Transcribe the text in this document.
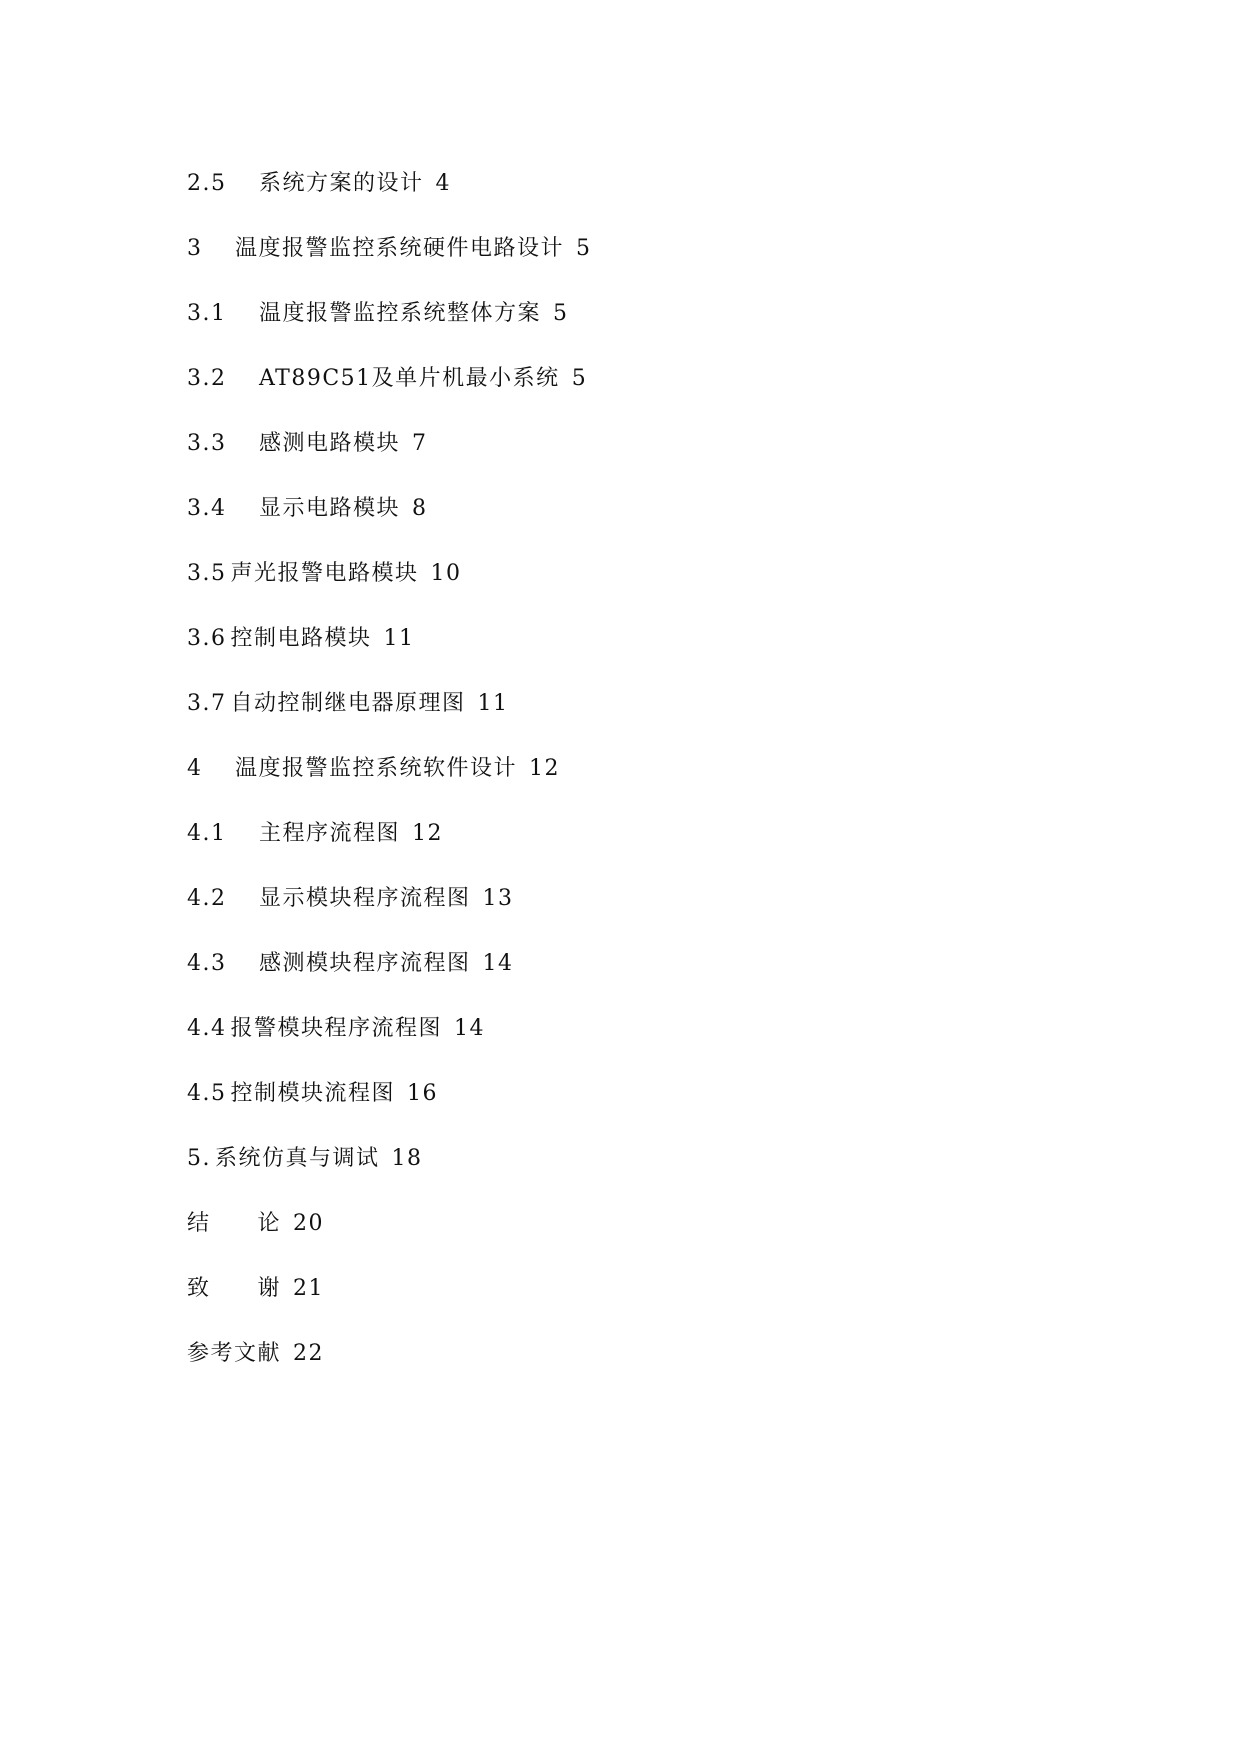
2.5 系统方案的设计 4
3 温度报警监控系统硬件电路设计 5
3.1 温度报警监控系统整体方案 5
3.2 AT89C51及单片机最小系统 5
3.3 感测电路模块 7
3.4 显示电路模块 8
3.5 声光报警电路模块 10
3.6 控制电路模块 11
3.7 自动控制继电器原理图 11
4 温度报警监控系统软件设计 12
4.1 主程序流程图 12
4.2 显示模块程序流程图 13
4.3 感测模块程序流程图 14
4.4 报警模块程序流程图 14
4.5 控制模块流程图 16
5. 系统仿真与调试 18
结　　论 20
致　　谢 21
参考文献 22
